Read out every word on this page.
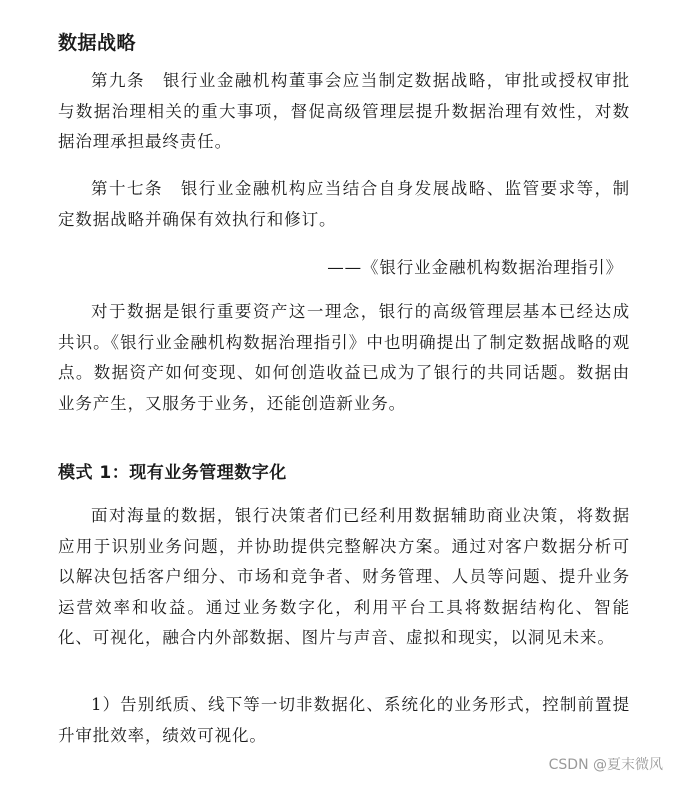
数据战略

第九条　银行业金融机构董事会应当制定数据战略，审批或授权审批与数据治理相关的重大事项，督促高级管理层提升数据治理有效性，对数据治理承担最终责任。

第十七条　银行业金融机构应当结合自身发展战略、监管要求等，制定数据战略并确保有效执行和修订。

——《银行业金融机构数据治理指引》

对于数据是银行重要资产这一理念，银行的高级管理层基本已经达成共识。《银行业金融机构数据治理指引》中也明确提出了制定数据战略的观点。数据资产如何变现、如何创造收益已成为了银行的共同话题。数据由业务产生，又服务于业务，还能创造新业务。

模式 1：现有业务管理数字化

面对海量的数据，银行决策者们已经利用数据辅助商业决策，将数据应用于识别业务问题，并协助提供完整解决方案。通过对客户数据分析可以解决包括客户细分、市场和竞争者、财务管理、人员等问题、提升业务运营效率和收益。通过业务数字化，利用平台工具将数据结构化、智能化、可视化，融合内外部数据、图片与声音、虚拟和现实，以洞见未来。

1）告别纸质、线下等一切非数据化、系统化的业务形式，控制前置提升审批效率，绩效可视化。

CSDN @夏末微风
